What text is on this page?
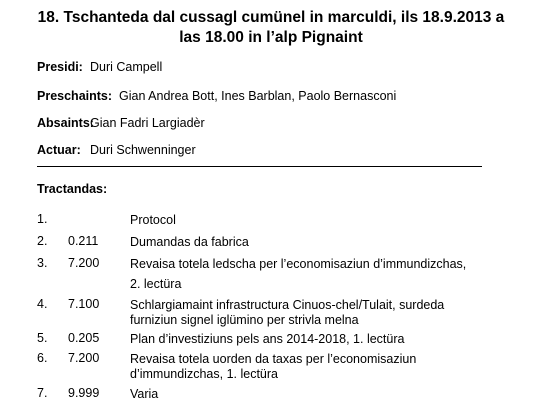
18. Tschanteda dal cussagl cumünel in marculdi, ils 18.9.2013 a
las 18.00 in l’alp Pignaint
Presidi: Duri Campell
Preschaints: Gian Andrea Bott, Ines Barblan, Paolo Bernasconi
Absaints:
Gian Fadri Largiadèr
Actuar: Duri Schwenninger
Tractandas:
1.	Protocol
2. 0.211	Dumandas da fabrica
3. 7.200 Revaisa totela ledscha per l’economisaziun d’immundizchas,
2. lectüra
4. 7.100 Schlargiamaint infrastructura Cinuos-chel/Tulait, surdeda
furniziun signel iglümino per strivla melna
5. 0.205 Plan d’investiziuns pels ans 2014-2018, 1. lectüra
6. 7.200 Revaisa totela uorden da taxas per l’economisaziun
d’immundizchas, 1. lectüra
7. 9.999 Varia
